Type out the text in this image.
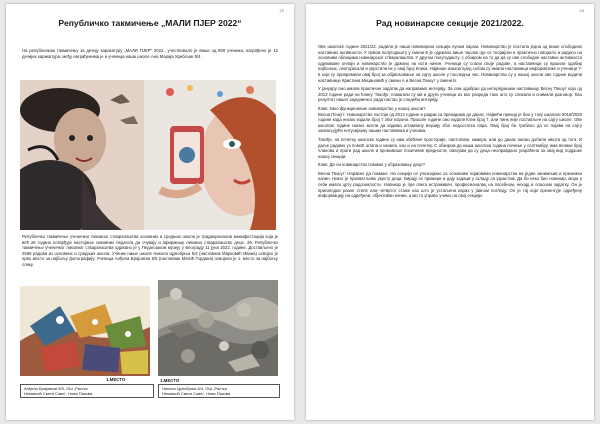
22
Републичко такмичење „МАЛИ ПЈЕР 2022“
На републичком такмичењу за дечију карикатуру „МАЛИ ПЈЕР“ 2022., учествовало је више од 800 ученика, награђено је 12 дечијих карикатура, међу награђенима је и ученица наше школе Ана Марија Хрибљан 8/4 .
Републичко такмичење ученичког ликовног стваралаштва основних и средњих школа је традиционална манифестација која је већ 26 година потврђује настојање ликовних педагога да очувају и афирмишу ликовно стваралаштво деце. 26. Републичко такмичење ученичког ликовног стваралаштва одржано је у Педагошком музеју у Београду 11 јуна 2022. године. Достављено је 2566 радова из основних и средњих школа. Ученик наше школе Никола Црнобрња 5/4 (наставник Марковић Ивана) освојио је прво место за најбољу фотографију. Ученица Анђела Брајовски 5/5 (наставник Матић Гордана) освојила је 1. место за најбољу слику.
1.МЕСТО
Анђела Брајовски 5/5, ОШ „Растко
Немањић Свети Сава“, Нова Пазова
1.МЕСТО
Никола Црнобрња 5/4, ОШ „Растко
Немањић Свети Сава“, Нова Пазова
23
Рад новинарске секције 2021/2022.
Ове школске године 2021/22. радила је наша новинарска секција пуном паром. Новинарство је постала једна од више слободних наставних активности. У првом полугодишту у смени Б је одржано више часова где се теоријски и практично говорило и радило на основним облицима новинарског стваралаштва. У другом полугодишту, с обзиром на то да да су ове слободне наставне активности одржаване онлајн и новинарство је држано на исти начин. Ученици су слали своје радове, а наставници су вршили одабир најбољих, лекторисали и уврстили их у овај број Клика. Највише изазов пред собом су имали наставници информатике и ученици 7-5 који су припремили овај број за објављивање на сајту школе у последњи час. Новинарство су у нашој школи ове године водили наставнице Кристина Мицановић у смени А и Весна Пешут у смени Б.
У јануару смо имали практичан задатак да направимо интервју. За сам одабрао да интервјуишем наставницу Весну Пешут која од 2013 године ради на Клику. Такође, помагали су ми и други ученици из мог разреда тако што су сликали и снимали разговор. Као резултат нашег заједничког рада настао је следећи интервју.
Клик: Како функционише новинарство у нашој школи?
Весна Пешут: Новинарство постоји од 2013 године и радим са прекидима до данас. Највећи прекид је био у току школске 2019/2020 године када нисмо издали број 7 због корона. Прошле године смо издали Клик број 7, али линк није постављен на сајту школе. Ове школске године нисмо могли да издамо штампану верзију због недостатка пара. Овај број би требало да се појави на сајту захваљујући ентузијазму наших наставника и ученика.
Такође, на почетку школске године су нам обећане просторије, лаптопови, камера, али до данас нисмо добили ништа од тога. И даље радимо уз помоћ штапа и канапа, као и на почетку. С обзиром да наша школска година почиње у септембру, има велики број чланова и прати рад школе и промовише позитивне вредности, сматрам да су деца неоправдано ускраћена за овај вид подршке нашој секцији.
Клик: Да ли новинарство помаже у образовању деце?
Весна Пешут: Наравно да помаже. На секцији се упознајемо са основним појмовима новинарства на један занимљив и приземан начин. Никог је прихватљиво укрсту деци. Бирају се примери и дају задаци у складу са узрастом. Да би неко био новинар, мора у себи имати црту радозналости. Новинар је пре свега истраживач, професионалац на посебном, нехајд и опасном задатку. Он је прилагодио разне стиле или четвртог стаже као што је устаљени израз у јавном погледу. Он је тај који презентује одређену информацију на одређени, објективан начин, а ми то управо учимо на овој секцији.
